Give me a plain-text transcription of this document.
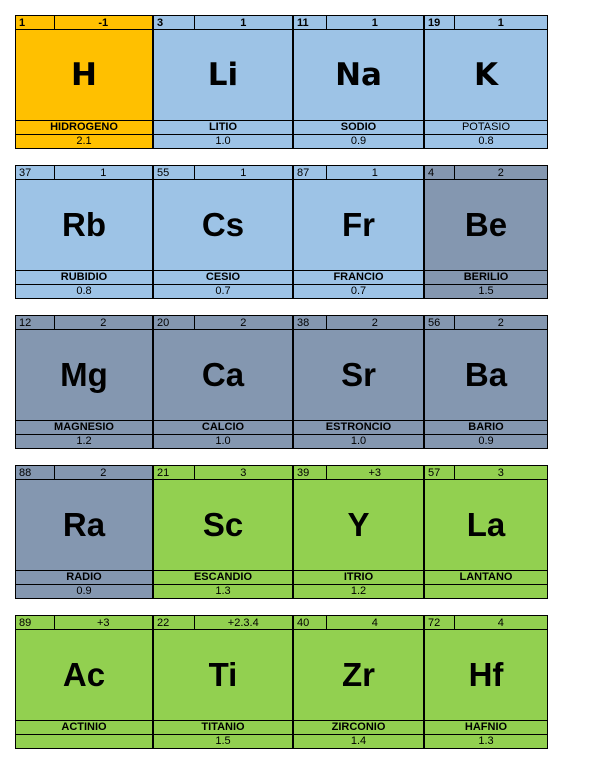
1	-1
H
HIDROGENO
2.1
3	1
Li
LITIO
1.0
11	1
Na
SODIO
0.9
19	1
K
POTASIO
0.8
37	1
Rb
RUBIDIO
0.8
55	1
Cs
CESIO
0.7
87	1
Fr
FRANCIO
0.7
4	2
Be
BERILIO
1.5
12	2
Mg
MAGNESIO
1.2
20	2
Ca
CALCIO
1.0
38	2
Sr
ESTRONCIO
1.0
56	2
Ba
BARIO
0.9
88	2
Ra
RADIO
0.9
21	3
Sc
ESCANDIO
1.3
39	+3
Y
ITRIO
1.2
57	3
La
LANTANO
89	+3
Ac
ACTINIO
22	+2.3.4
Ti
TITANIO
1.5
40	4
Zr
ZIRCONIO
1.4
72	4
Hf
HAFNIO
1.3
